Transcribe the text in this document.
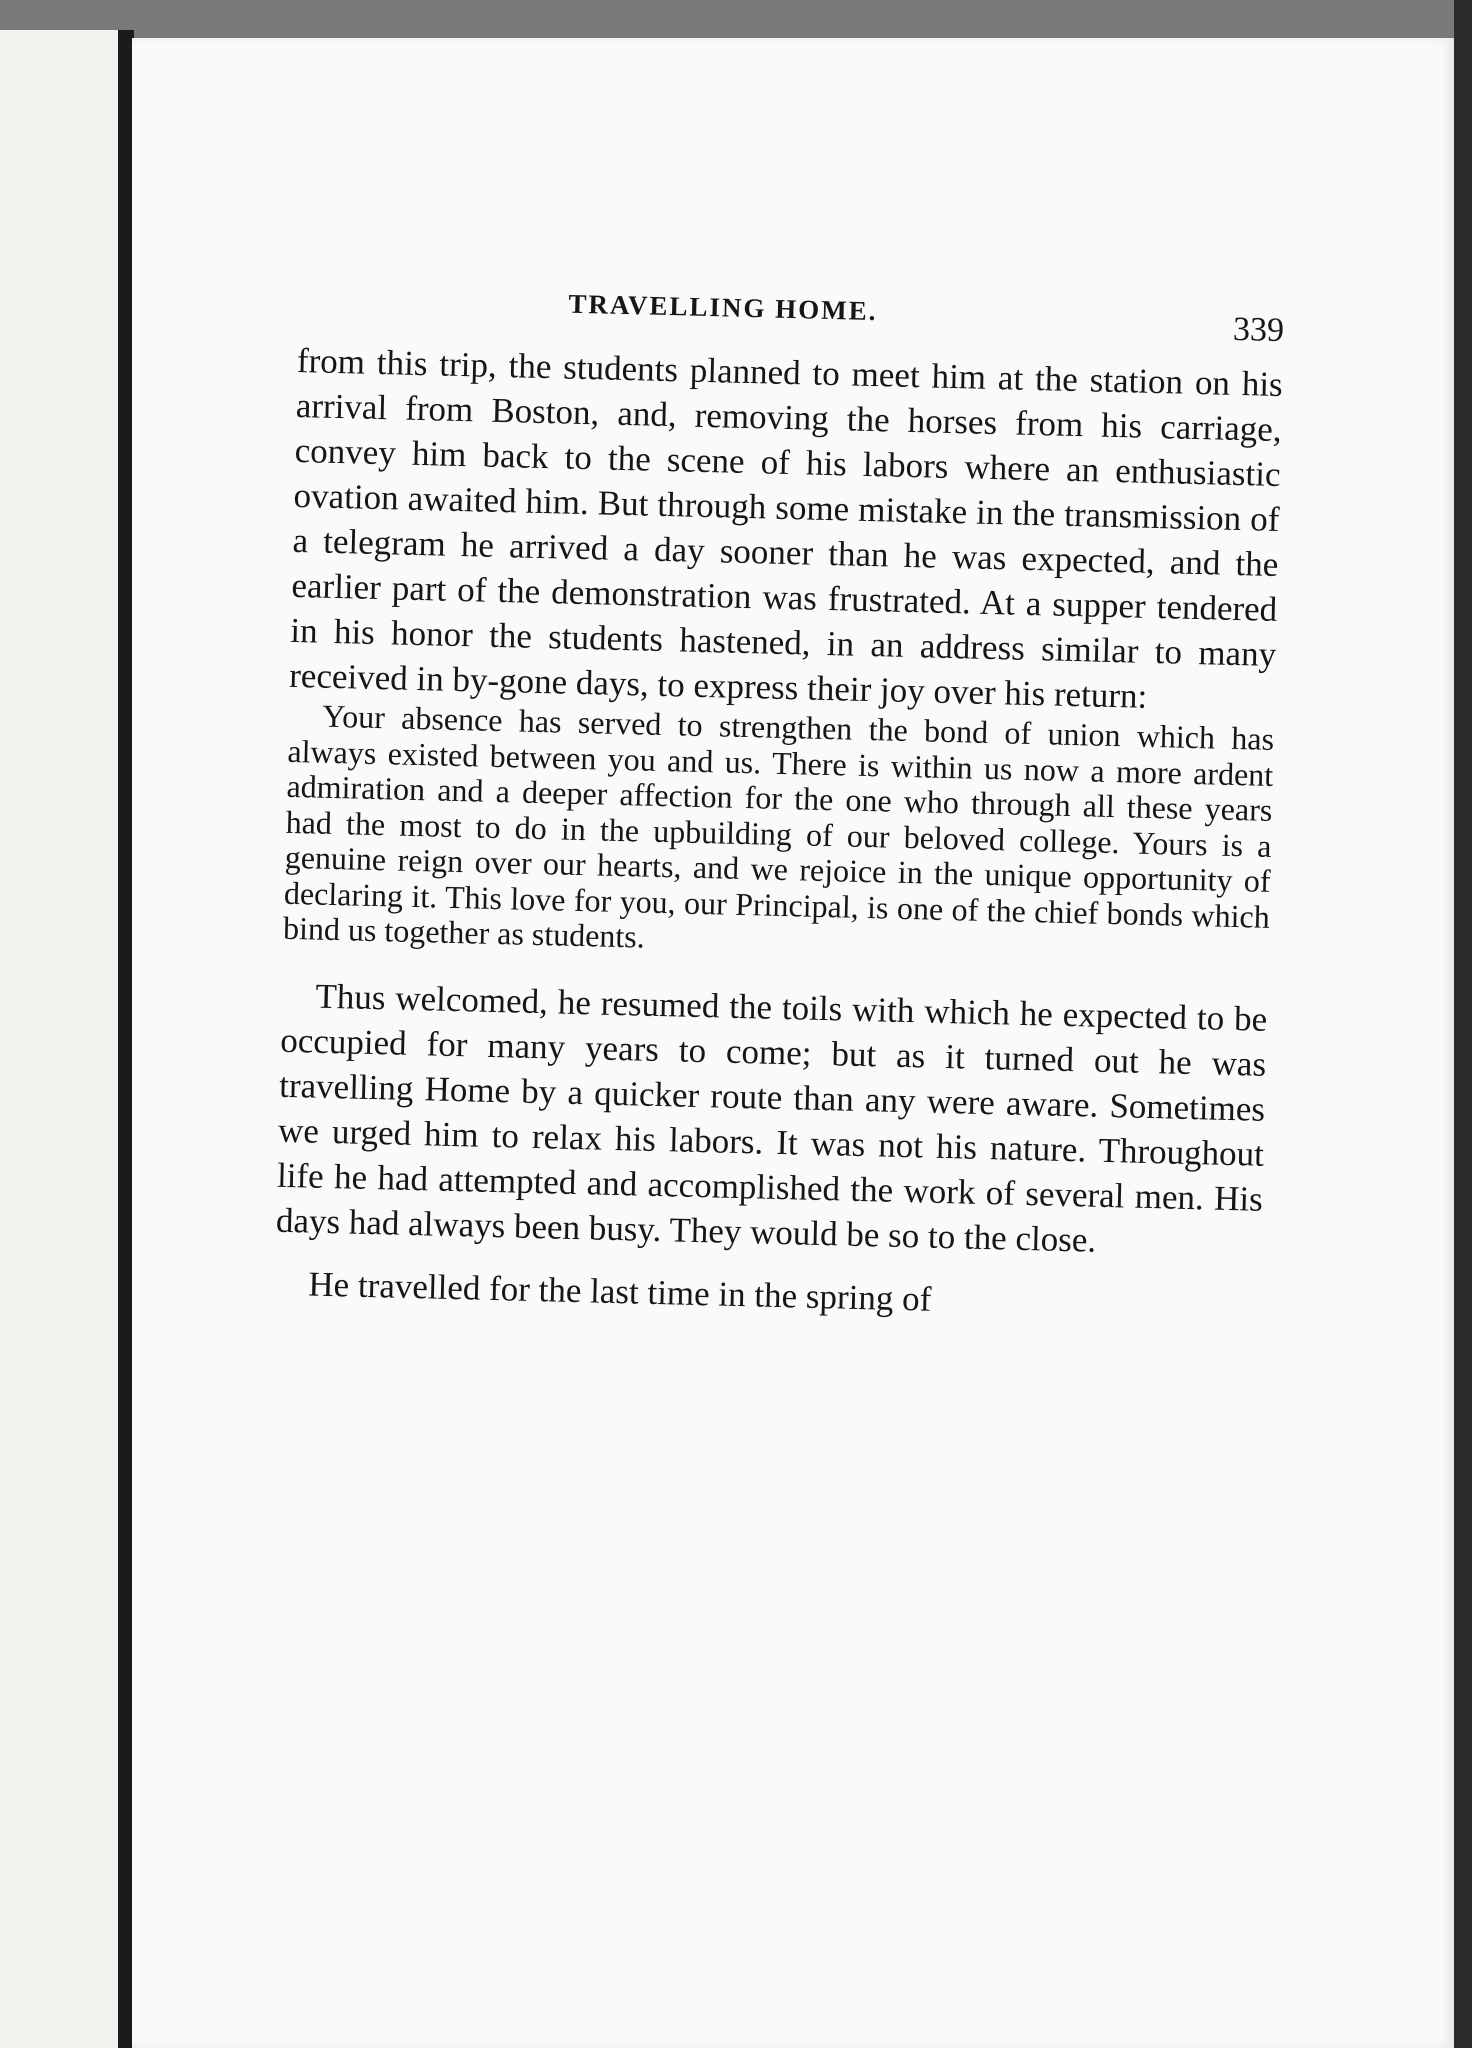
TRAVELLING HOME.
339

from this trip, the students planned to meet him at the station on his arrival from Boston, and, removing the horses from his carriage, convey him back to the scene of his labors where an enthusiastic ovation awaited him. But through some mistake in the transmission of a telegram he arrived a day sooner than he was expected, and the earlier part of the demonstration was frustrated. At a supper tendered in his honor the students hastened, in an address similar to many received in by-gone days, to express their joy over his return:

Your absence has served to strengthen the bond of union which has always existed between you and us. There is within us now a more ardent admiration and a deeper affection for the one who through all these years had the most to do in the upbuilding of our beloved college. Yours is a genuine reign over our hearts, and we rejoice in the unique opportunity of declaring it. This love for you, our Principal, is one of the chief bonds which bind us together as students.

Thus welcomed, he resumed the toils with which he expected to be occupied for many years to come; but as it turned out he was travelling Home by a quicker route than any were aware. Sometimes we urged him to relax his labors. It was not his nature. Throughout life he had attempted and accomplished the work of several men. His days had always been busy. They would be so to the close.

He travelled for the last time in the spring of
